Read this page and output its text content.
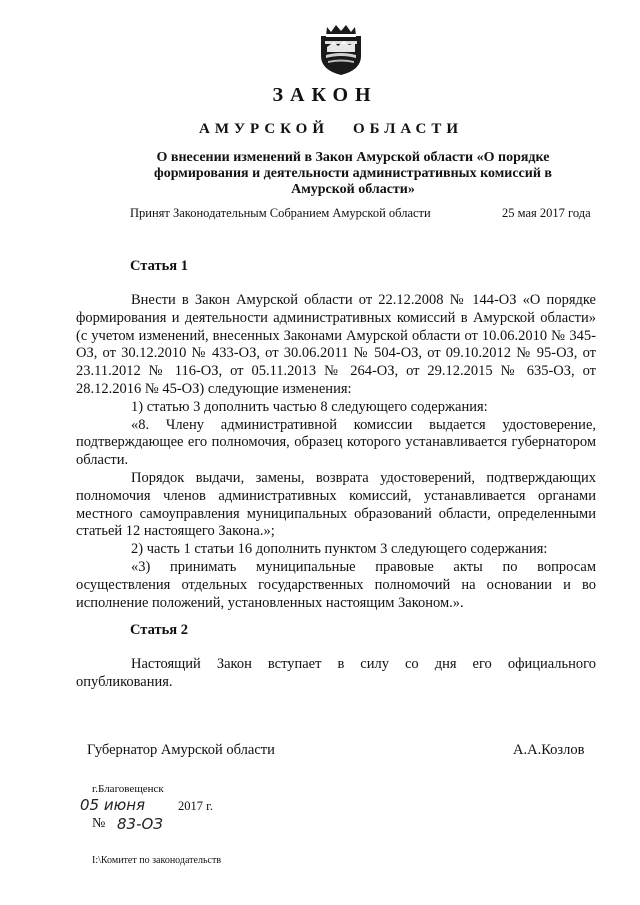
ЗАКОН
АМУРСКОЙ ОБЛАСТИ
О внесении изменений в Закон Амурской области «О порядке
формирования и деятельности административных комиссий в
Амурской области»
Принят Законодательным Собранием Амурской области	25 мая 2017 года
Статья 1

Внести в Закон Амурской области от 22.12.2008 № 144-ОЗ «О порядке формирования и деятельности административных комиссий в Амурской области» (с учетом изменений, внесенных Законами Амурской области от 10.06.2010 № 345-ОЗ, от 30.12.2010 № 433-ОЗ, от 30.06.2011 № 504-ОЗ, от 09.10.2012 № 95-ОЗ, от 23.11.2012 № 116-ОЗ, от 05.11.2013 № 264-ОЗ, от 29.12.2015 № 635-ОЗ, от 28.12.2016 № 45-ОЗ) следующие изменения:

1) статью 3 дополнить частью 8 следующего содержания:

«8. Члену административной комиссии выдается удостоверение, подтверждающее его полномочия, образец которого устанавливается губернатором области.

Порядок выдачи, замены, возврата удостоверений, подтверждающих полномочия членов административных комиссий, устанавливается органами местного самоуправления муниципальных образований области, определенными статьей 12 настоящего Закона.»;

2) часть 1 статьи 16 дополнить пунктом 3 следующего содержания:

«3) принимать муниципальные правовые акты по вопросам осуществления отдельных государственных полномочий на основании и во исполнение положений, установленных настоящим Законом.».

Статья 2

Настоящий Закон вступает в силу со дня его официального опубликования.

Губернатор Амурской области	А.А.Козлов
г.Благовещенск
05 июня	2017 г.
№ 83-ОЗ
I:\Комитет по законодательств
